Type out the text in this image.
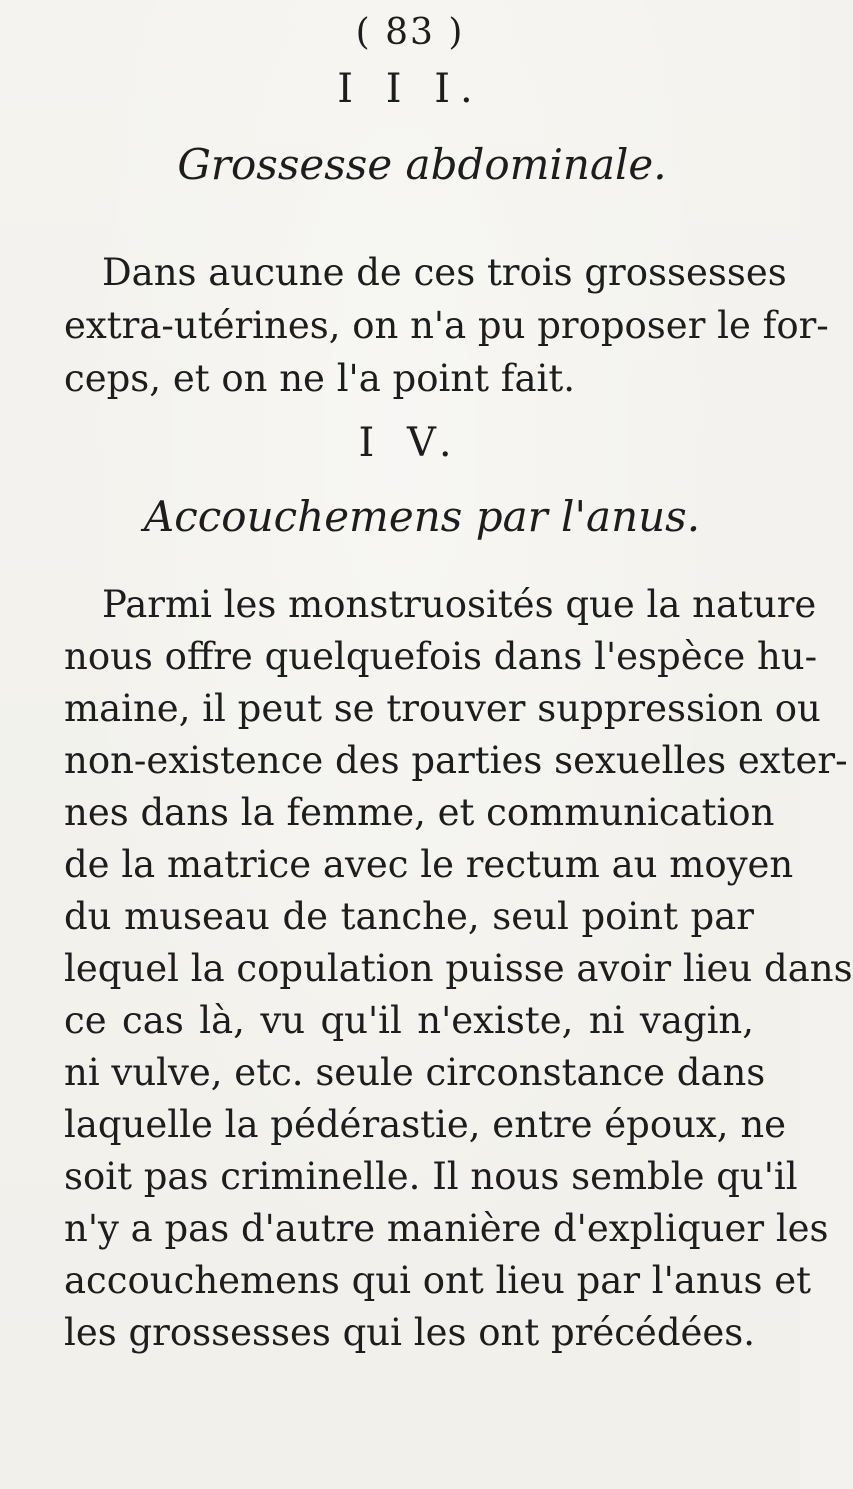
( 83 )
I I I.
Grossesse abdominale.
Dans aucune de ces trois grossesses
extra-utérines, on n'a pu proposer le for-
ceps, et on ne l'a point fait.
I V.
Accouchemens par l'anus.
Parmi les monstruosités que la nature
nous offre quelquefois dans l'espèce hu-
maine, il peut se trouver suppression ou
non-existence des parties sexuelles exter-
nes dans la femme, et communication
de la matrice avec le rectum au moyen
du museau de tanche, seul point par
lequel la copulation puisse avoir lieu dans
ce cas là, vu qu'il n'existe, ni vagin,
ni vulve, etc. seule circonstance dans
laquelle la pédérastie, entre époux, ne
soit pas criminelle. Il nous semble qu'il
n'y a pas d'autre manière d'expliquer les
accouchemens qui ont lieu par l'anus et
les grossesses qui les ont précédées.
